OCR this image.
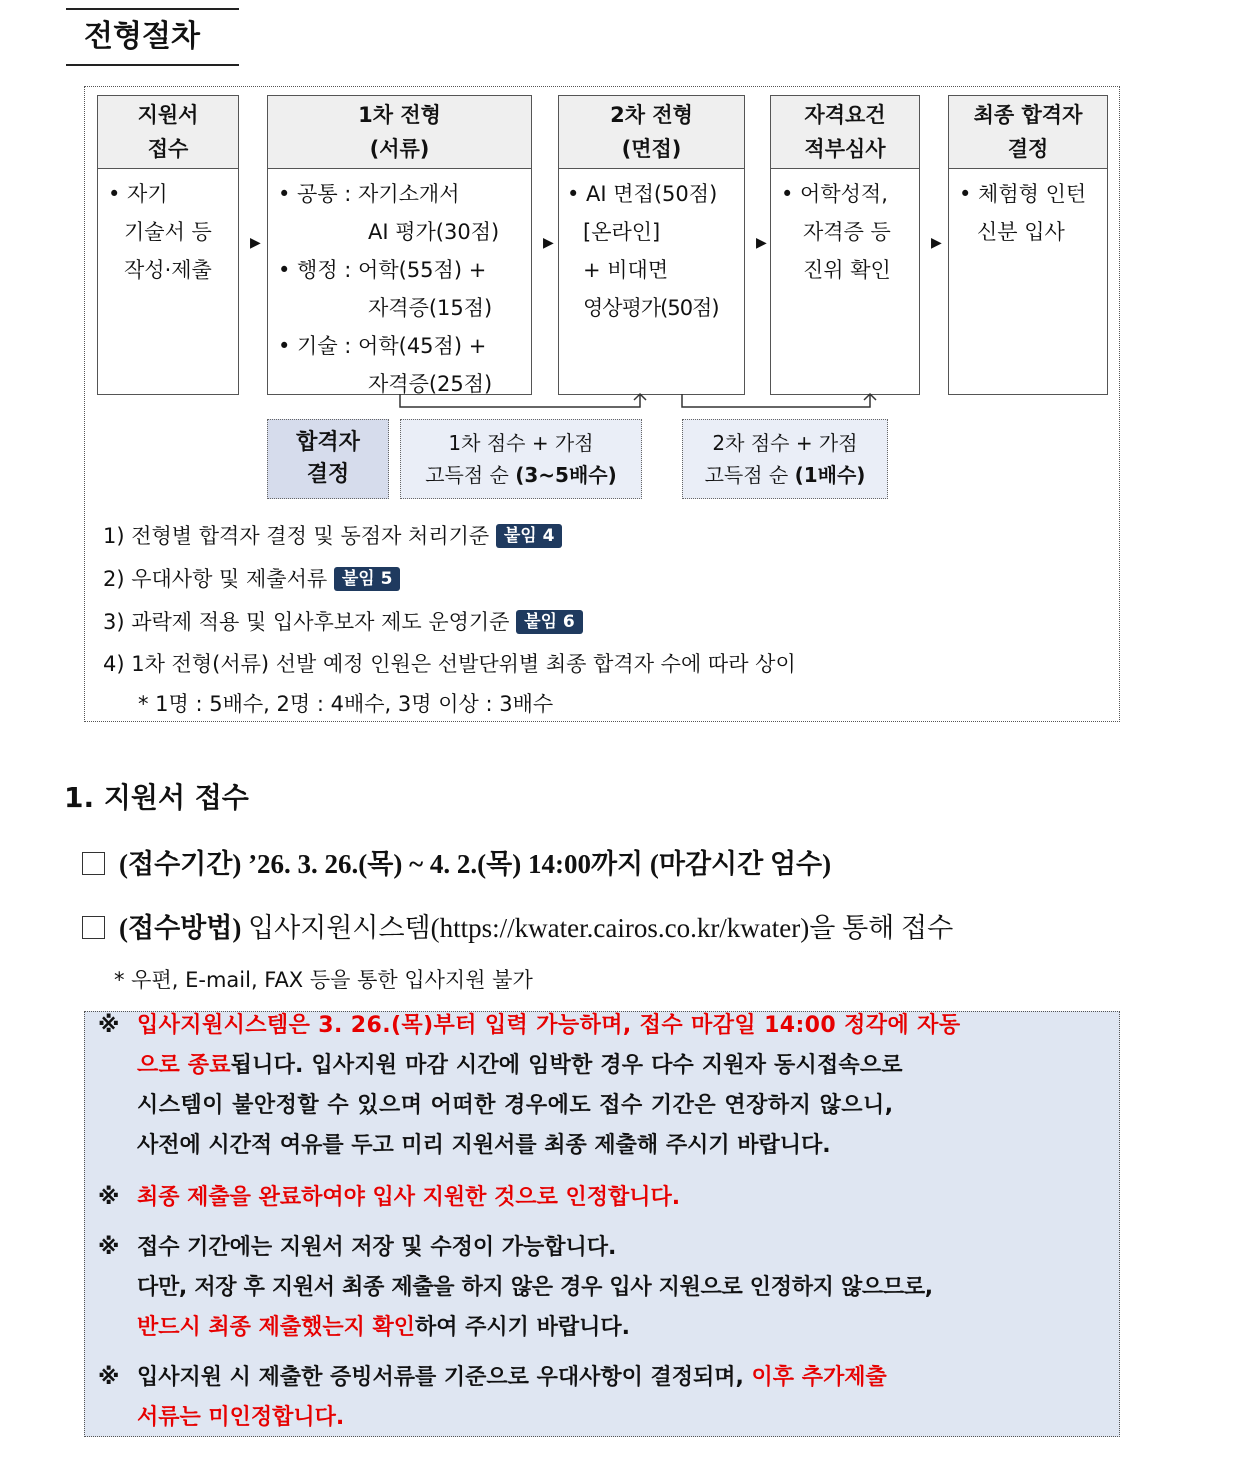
전형절차
지원서
접수
• 자기
기술서 등
작성·제출
▶
1차 전형
(서류)
• 공통 : 자기소개서
AI 평가(30점)
• 행정 : 어학(55점) +
자격증(15점)
• 기술 : 어학(45점) +
자격증(25점)
▶
2차 전형
(면접)
• AI 면접(50점)
[온라인]
+ 비대면
영상평가(50점)
▶
자격요건
적부심사
• 어학성적,
자격증 등
진위 확인
▶
최종 합격자
결정
• 체험형 인턴
신분 입사
합격자
결정
1차 점수 + 가점
고득점 순 (3~5배수)
2차 점수 + 가점
고득점 순 (1배수)
1) 전형별 합격자 결정 및 동점자 처리기준 붙임 4
2) 우대사항 및 제출서류 붙임 5
3) 과락제 적용 및 입사후보자 제도 운영기준 붙임 6
4) 1차 전형(서류) 선발 예정 인원은 선발단위별 최종 합격자 수에 따라 상이
* 1명 : 5배수, 2명 : 4배수, 3명 이상 : 3배수
1. 지원서 접수
(접수기간) ’26. 3. 26.(목) ~ 4. 2.(목) 14:00까지 (마감시간 엄수)
(접수방법) 입사지원시스템(https://kwater.cairos.co.kr/kwater)을 통해 접수
* 우편, E-mail, FAX 등을 통한 입사지원 불가
※ 입사지원시스템은 3. 26.(목)부터 입력 가능하며, 접수 마감일 14:00 정각에 자동
으로 종료됩니다. 입사지원 마감 시간에 임박한 경우 다수 지원자 동시접속으로
시스템이 불안정할 수 있으며 어떠한 경우에도 접수 기간은 연장하지 않으니,
사전에 시간적 여유를 두고 미리 지원서를 최종 제출해 주시기 바랍니다.
※ 최종 제출을 완료하여야 입사 지원한 것으로 인정합니다.
※ 접수 기간에는 지원서 저장 및 수정이 가능합니다.
다만, 저장 후 지원서 최종 제출을 하지 않은 경우 입사 지원으로 인정하지 않으므로,
반드시 최종 제출했는지 확인하여 주시기 바랍니다.
※ 입사지원 시 제출한 증빙서류를 기준으로 우대사항이 결정되며, 이후 추가제출
서류는 미인정합니다.
